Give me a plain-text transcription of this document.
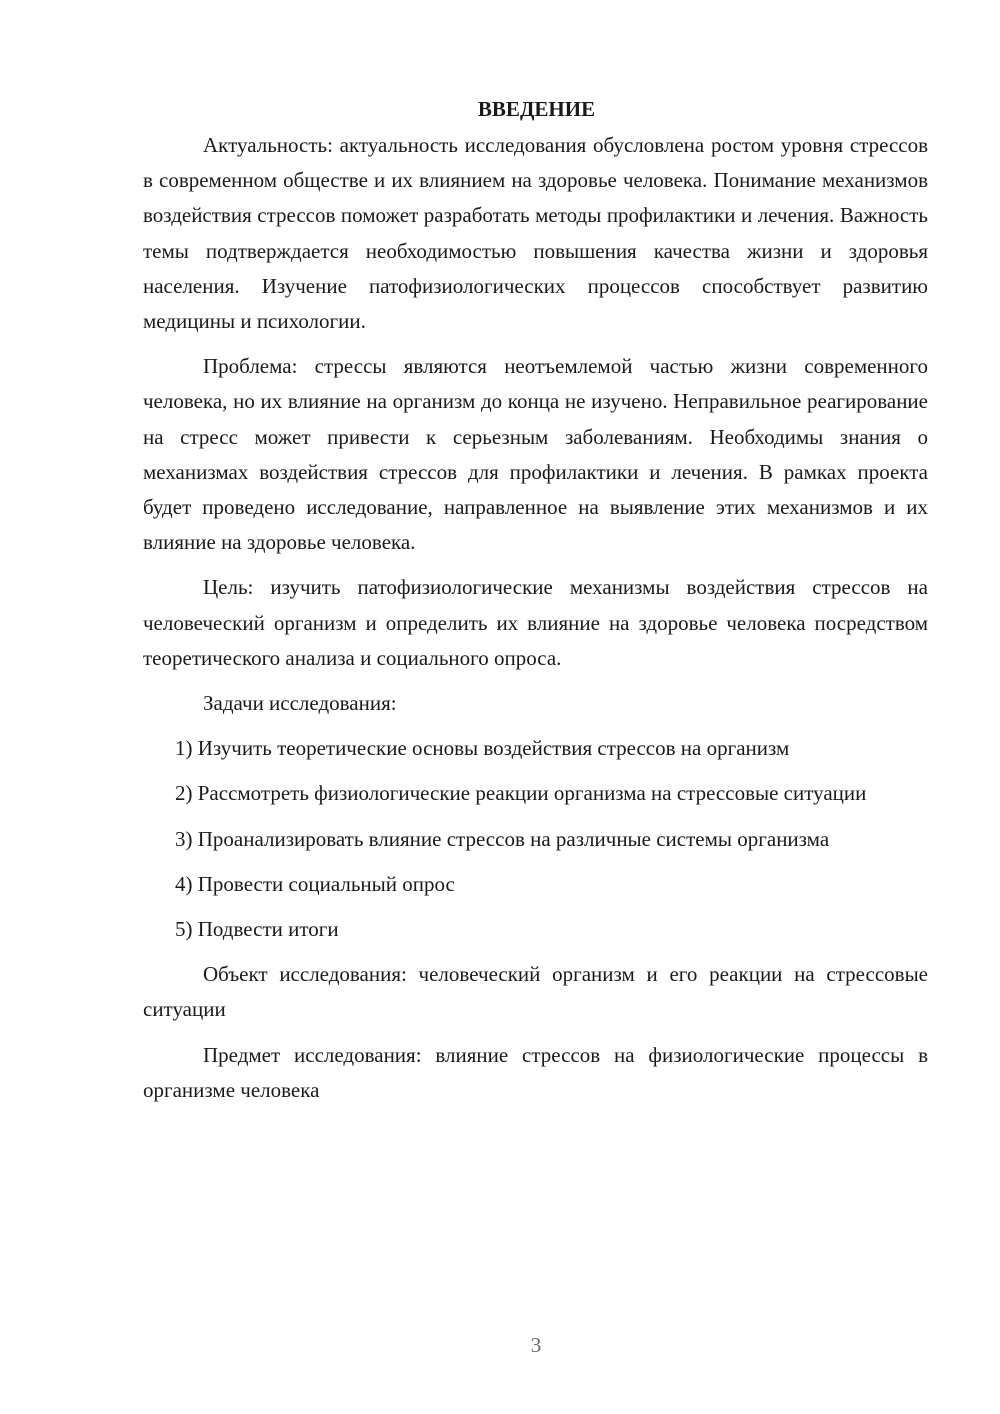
ВВЕДЕНИЕ

Актуальность: актуальность исследования обусловлена ростом уровня стрессов в современном обществе и их влиянием на здоровье человека. Понимание механизмов воздействия стрессов поможет разработать методы профилактики и лечения. Важность темы подтверждается необходимостью повышения качества жизни и здоровья населения. Изучение патофизиологических процессов способствует развитию медицины и психологии.

Проблема: стрессы являются неотъемлемой частью жизни современного человека, но их влияние на организм до конца не изучено. Неправильное реагирование на стресс может привести к серьезным заболеваниям. Необходимы знания о механизмах воздействия стрессов для профилактики и лечения. В рамках проекта будет проведено исследование, направленное на выявление этих механизмов и их влияние на здоровье человека.

Цель: изучить патофизиологические механизмы воздействия стрессов на человеческий организм и определить их влияние на здоровье человека посредством теоретического анализа и социального опроса.

Задачи исследования:

1) Изучить теоретические основы воздействия стрессов на организм
2) Рассмотреть физиологические реакции организма на стрессовые ситуации
3) Проанализировать влияние стрессов на различные системы организма
4) Провести социальный опрос
5) Подвести итоги

Объект исследования: человеческий организм и его реакции на стрессовые ситуации

Предмет исследования: влияние стрессов на физиологические процессы в организме человека

3
